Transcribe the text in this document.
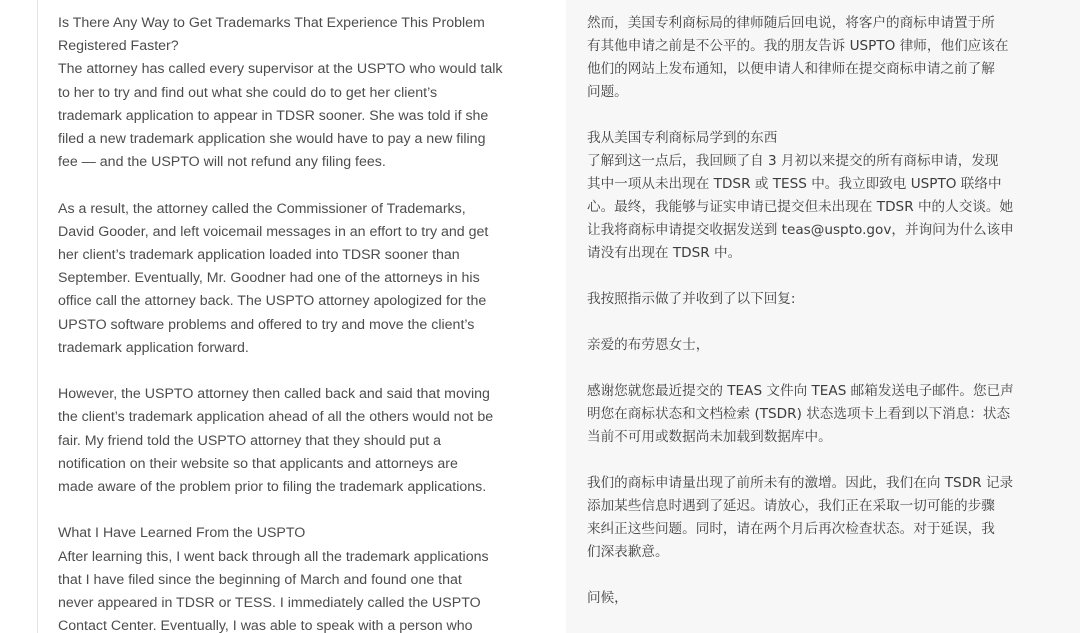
Is There Any Way to Get Trademarks That Experience This Problem
Registered Faster?
The attorney has called every supervisor at the USPTO who would talk
to her to try and find out what she could do to get her client’s
trademark application to appear in TDSR sooner. She was told if she
filed a new trademark application she would have to pay a new filing
fee — and the USPTO will not refund any filing fees.

As a result, the attorney called the Commissioner of Trademarks,
David Gooder, and left voicemail messages in an effort to try and get
her client’s trademark application loaded into TDSR sooner than
September. Eventually, Mr. Goodner had one of the attorneys in his
office call the attorney back. The USPTO attorney apologized for the
UPSTO software problems and offered to try and move the client’s
trademark application forward.

However, the USPTO attorney then called back and said that moving
the client’s trademark application ahead of all the others would not be
fair. My friend told the USPTO attorney that they should put a
notification on their website so that applicants and attorneys are
made aware of the problem prior to filing the trademark applications.

What I Have Learned From the USPTO
After learning this, I went back through all the trademark applications
that I have filed since the beginning of March and found one that
never appeared in TDSR or TESS. I immediately called the USPTO
Contact Center. Eventually, I was able to speak with a person who

然而，美国专利商标局的律师随后回电说，将客户的商标申请置于所
有其他申请之前是不公平的。我的朋友告诉 USPTO 律师，他们应该在
他们的网站上发布通知，以便申请人和律师在提交商标申请之前了解
问题。

我从美国专利商标局学到的东西
了解到这一点后，我回顾了自 3 月初以来提交的所有商标申请，发现
其中一项从未出现在 TDSR 或 TESS 中。我立即致电 USPTO 联络中
心。最终，我能够与证实申请已提交但未出现在 TDSR 中的人交谈。她
让我将商标申请提交收据发送到 teas@uspto.gov，并询问为什么该申
请没有出现在 TDSR 中。

我按照指示做了并收到了以下回复:

亲爱的布劳恩女士，

感谢您就您最近提交的 TEAS 文件向 TEAS 邮箱发送电子邮件。您已声
明您在商标状态和文档检索 (TSDR) 状态选项卡上看到以下消息：状态
当前不可用或数据尚未加载到数据库中。

我们的商标申请量出现了前所未有的激增。因此，我们在向 TSDR 记录
添加某些信息时遇到了延迟。请放心，我们正在采取一切可能的步骤
来纠正这些问题。同时，请在两个月后再次检查状态。对于延误，我
们深表歉意。

问候，
